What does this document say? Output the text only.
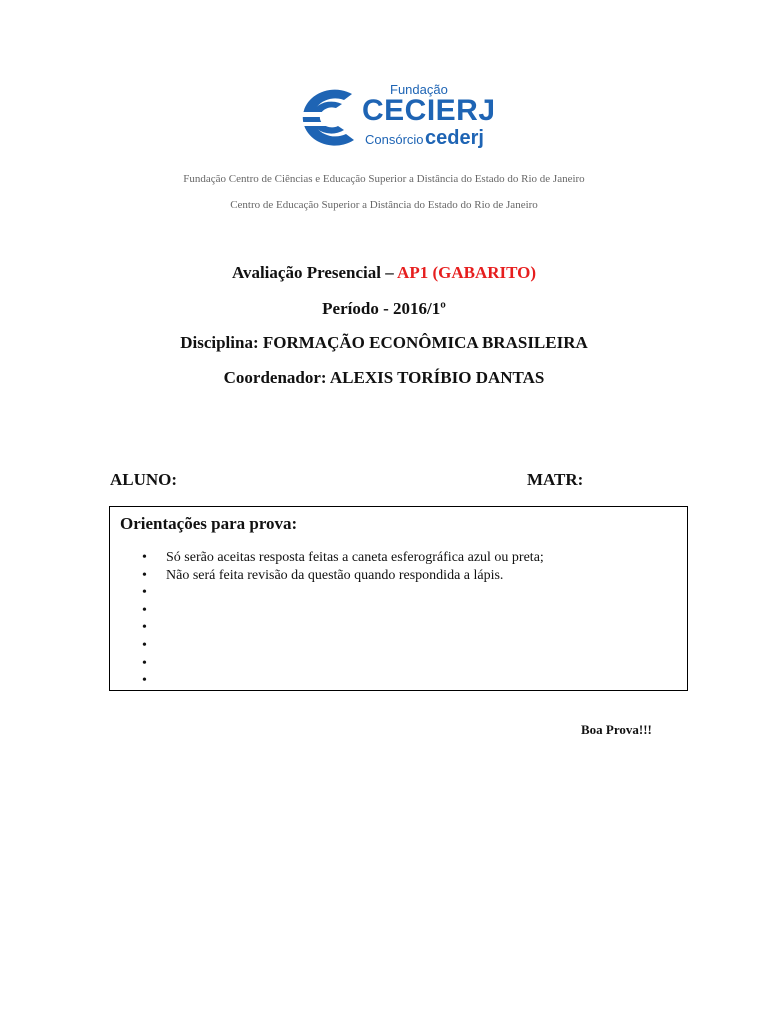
Fundação
CECIERJ
Consórcio cederj
Fundação Centro de Ciências e Educação Superior a Distância do Estado do Rio de Janeiro
Centro de Educação Superior a Distância do Estado do Rio de Janeiro
Avaliação Presencial – AP1 (GABARITO)
Período - 2016/1º
Disciplina: FORMAÇÃO ECONÔMICA BRASILEIRA
Coordenador: ALEXIS TORÍBIO DANTAS
ALUNO:	MATR:
Orientações para prova:
• Só serão aceitas resposta feitas a caneta esferográfica azul ou preta;
• Não será feita revisão da questão quando respondida a lápis.
•
•
•
•
•
•
Boa Prova!!!
